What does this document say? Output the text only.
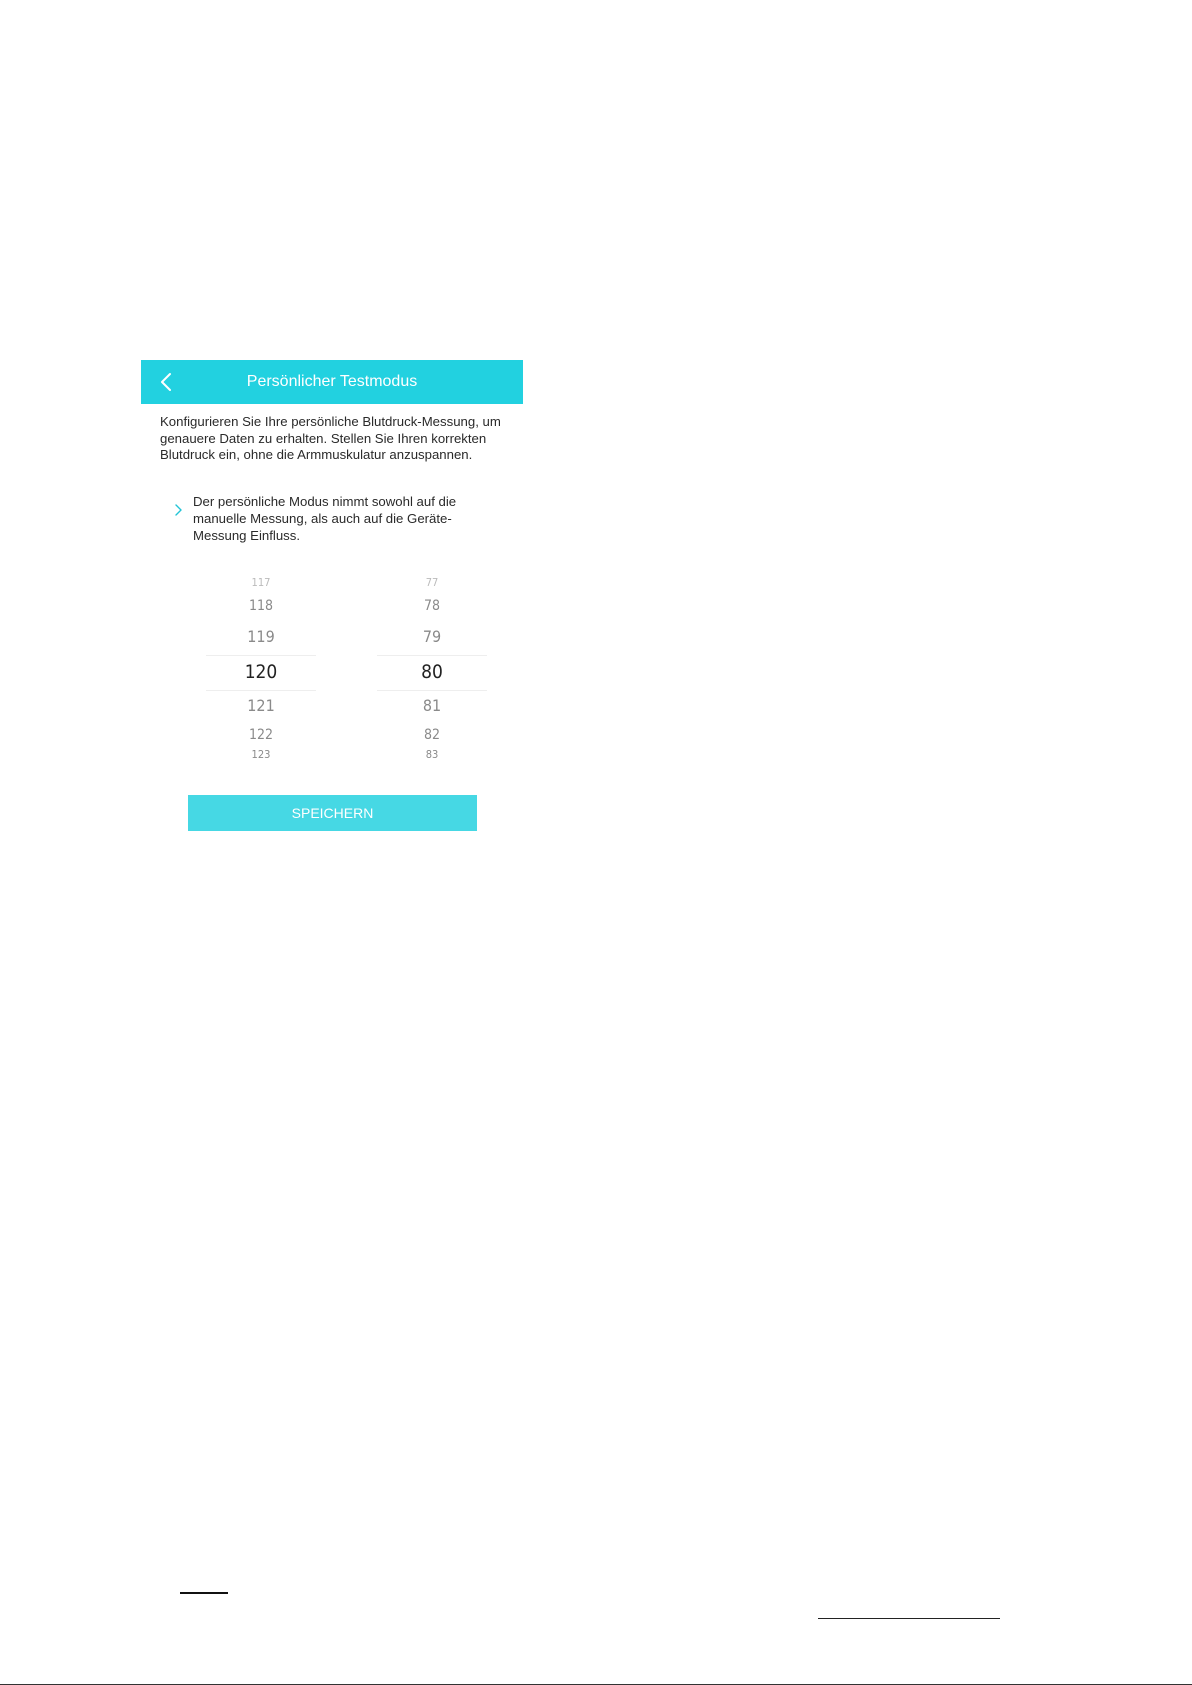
Persönlicher Testmodus

Konfigurieren Sie Ihre persönliche Blutdruck-Messung, um genauere Daten zu erhalten. Stellen Sie Ihren korrekten Blutdruck ein, ohne die Armmuskulatur anzuspannen.

Der persönliche Modus nimmt sowohl auf die manuelle Messung, als auch auf die Geräte-Messung Einfluss.

117
118
119
120
121
122
123
77
78
79
80
81
82
83
SPEICHERN
